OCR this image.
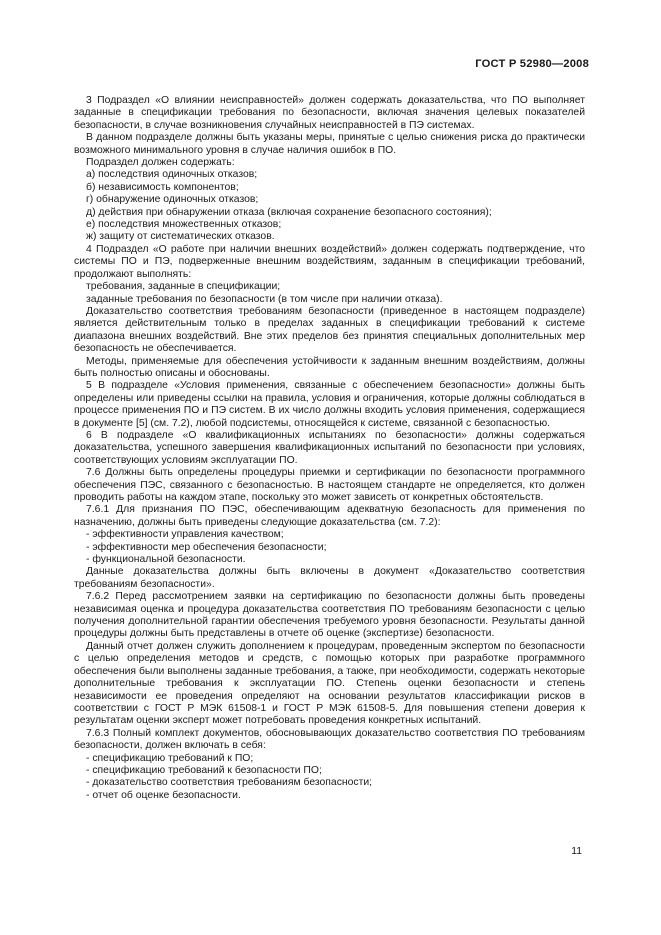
ГОСТ Р 52980—2008

3 Подраздел «О влиянии неисправностей» должен содержать доказательства, что ПО выполняет заданные в спецификации требования по безопасности, включая значения целевых показателей безопасности, в случае возникновения случайных неисправностей в ПЭ системах.

В данном подразделе должны быть указаны меры, принятые с целью снижения риска до практически возможного минимального уровня в случае наличия ошибок в ПО.

Подраздел должен содержать:

а) последствия одиночных отказов;

б) независимость компонентов;

г) обнаружение одиночных отказов;

д) действия при обнаружении отказа (включая сохранение безопасного состояния);

е) последствия множественных отказов;

ж) защиту от систематических отказов.

4 Подраздел «О работе при наличии внешних воздействий» должен содержать подтверждение, что системы ПО и ПЭ, подверженные внешним воздействиям, заданным в спецификации требований, продолжают выполнять:

требования, заданные в спецификации;

заданные требования по безопасности (в том числе при наличии отказа).

Доказательство соответствия требованиям безопасности (приведенное в настоящем подразделе) является действительным только в пределах заданных в спецификации требований к системе диапазона внешних воздействий. Вне этих пределов без принятия специальных дополнительных мер безопасность не обеспечивается.

Методы, применяемые для обеспечения устойчивости к заданным внешним воздействиям, должны быть полностью описаны и обоснованы.

5 В подразделе «Условия применения, связанные с обеспечением безопасности» должны быть определены или приведены ссылки на правила, условия и ограничения, которые должны соблюдаться в процессе применения ПО и ПЭ систем. В их число должны входить условия применения, содержащиеся в документе [5] (см. 7.2), любой подсистемы, относящейся к системе, связанной с безопасностью.

6 В подразделе «О квалификационных испытаниях по безопасности» должны содержаться доказательства, успешного завершения квалификационных испытаний по безопасности при условиях, соответствующих условиям эксплуатации ПО.

7.6 Должны быть определены процедуры приемки и сертификации по безопасности программного обеспечения ПЭС, связанного с безопасностью. В настоящем стандарте не определяется, кто должен проводить работы на каждом этапе, поскольку это может зависеть от конкретных обстоятельств.

7.6.1 Для признания ПО ПЭС, обеспечивающим адекватную безопасность для применения по назначению, должны быть приведены следующие доказательства (см. 7.2):

- эффективности управления качеством;

- эффективности мер обеспечения безопасности;

- функциональной безопасности.

Данные доказательства должны быть включены в документ «Доказательство соответствия требованиям безопасности».

7.6.2 Перед рассмотрением заявки на сертификацию по безопасности должны быть проведены независимая оценка и процедура доказательства соответствия ПО требованиям безопасности с целью получения дополнительной гарантии обеспечения требуемого уровня безопасности. Результаты данной процедуры должны быть представлены в отчете об оценке (экспертизе) безопасности.

Данный отчет должен служить дополнением к процедурам, проведенным экспертом по безопасности с целью определения методов и средств, с помощью которых при разработке программного обеспечения были выполнены заданные требования, а также, при необходимости, содержать некоторые дополнительные требования к эксплуатации ПО. Степень оценки безопасности и степень независимости ее проведения определяют на основании результатов классификации рисков в соответствии с ГОСТ Р МЭК 61508-1 и ГОСТ Р МЭК 61508-5. Для повышения степени доверия к результатам оценки эксперт может потребовать проведения конкретных испытаний.

7.6.3 Полный комплект документов, обосновывающих доказательство соответствия ПО требованиям безопасности, должен включать в себя:

- спецификацию требований к ПО;

- спецификацию требований к безопасности ПО;

- доказательство соответствия требованиям безопасности;

- отчет об оценке безопасности.

11
